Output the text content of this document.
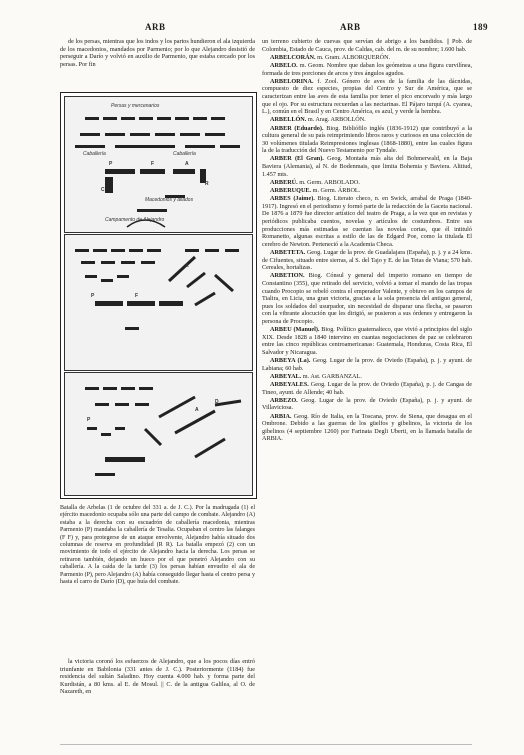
ARB	ARB	189

de los persas, mientras que los indos y los partos hundieron el ala izquierda de los macedonios, mandados por Parmenio; por lo que Alejandro desistió de perseguir a Darío y volvió en auxilio de Parmenio, que estaba cercado por los persas. Por fin

Persas y mercenarios
Caballería	Caballería
Macedonios y aliados
Campamento de Alejandro
P	F	A
R
C
P
A
F
P
A
D
Batalla de Arbelas (1 de octubre del 331 a. de J. C.). Por la madrugada (1) el ejército macedonio ocupaba sólo una parte del campo de combate. Alejandro (A) estaba a la derecha con su escuadrón de caballería macedonia, mientras Parmenio (P) mandaba la caballería de Tesalia. Ocupaban el centro las falanges (F F) y, para protegerse de un ataque envolvente, Alejandro había situado dos columnas de reserva en profundidad (R R). La batalla empezó (2) con un movimiento de todo el ejército de Alejandro hacia la derecha. Los persas se retiraron también, dejando un hueco por el que penetró Alejandro con su caballería. A la caída de la tarde (3) los persas habían envuelto el ala de Parmenio (P), pero Alejandro (A) había conseguido llegar hasta el centro persa y hasta el carro de Darío (D), que huía del combate.

la victoria coronó los esfuerzos de Alejandro, que a los pocos días entró triunfante en Babilonia (331 antes de J. C.). Posteriormente (1184) fue residencia del sultán Saladino. Hoy cuenta 4.000 hab. y forma parte del Kurdistán, a 80 kms. al E. de Mosul. || C. de la antigua Galilea, al O. de Nazareth, en

un terreno cubierto de cuevas que servían de abrigo a los bandidos. || Pob. de Colombia, Estado de Cauca, prov. de Caldas, cab. del m. de su nombre; 1.600 hab.

ARBELCORÁN. m. Gram. ALBORQUERÓN.

ARBELO. m. Geom. Nombre que daban los geómetras a una figura curvilínea, formada de tres porciones de arcos y tres ángulos agudos.

ARBELORINA. f. Zool. Género de aves de la familia de las dácnidas, compuesto de diez especies, propias del Centro y Sur de América, que se caracterizan entre las aves de esta familia por tener el pico encorvado y más largo que el ojo. Por su estructura recuerdan a las nectarinas. El Pájaro turquí (A. cyanea, L.), común en el Brasil y en Centro América, es azul, y verde la hembra.

ARBELLÓN. m. Arag. ARBOLLÓN.

ARBER (Eduardo). Biog. Bibliófilo inglés (1836-1912) que contribuyó a la cultura general de su país reimprimiendo libros raros y curiosos en una colección de 30 volúmenes titulada Reimpresiones inglesas (1868-1880), entre las cuales figura la de la traducción del Nuevo Testamento por Tyndale.

ARBER (El Gran). Geog. Montaña más alta del Bohmerwald, en la Baja Baviera (Alemania), al N. de Bodenmais, que limita Bohemia y Baviera. Altitud, 1.457 mts.

ARBERÚ. m. Germ. ARBOLADO.

ARBERUQUE. m. Germ. ÁRBOL.

ARBES (Jaime). Biog. Literato checo, n. en Swick, arrabal de Praga (1840-1917). Ingresó en el periodismo y formó parte de la redacción de la Gaceta nacional. De 1876 a 1879 fue director artístico del teatro de Praga, a la vez que en revistas y periódicos publicaba cuentos, novelas y artículos de costumbres. Entre sus producciones más estimadas se cuentan las novelas cortas, que él intituló Romanetto, algunas escritas a estilo de las de Edgard Poe, como la titulada El cerebro de Newton. Perteneció a la Academia Checa.

ARBETETA. Geog. Lugar de la prov. de Guadalajara (España), p. j. y a 24 kms. de Cifuentes, situado entre sierras, al S. del Tajo y E. de las Tetas de Viana; 570 hab. Cereales, hortalizas.

ARBETION. Biog. Cónsul y general del imperio romano en tiempo de Constantino (355), que retirado del servicio, volvió a tomar el mando de las tropas cuando Procopio se rebeló contra el emperador Valente, y obtuvo en los campos de Tialira, en Licia, una gran victoria, gracias a la sola presencia del antiguo general, pues los soldados del usurpador, sin necesidad de disparar una flecha, se pasaron con la vibrante alocución que les dirigió, se pusieron a sus órdenes y entregaron la persona de Procopio.

ARBEU (Manuel). Biog. Político guatemalteco, que vivió a principios del siglo XIX. Desde 1828 a 1840 intervino en cuantas negociaciones de paz se celebraron entre las cinco repúblicas centroamericanas: Guatemala, Honduras, Costa Rica, El Salvador y Nicaragua.

ARBEYA (La). Geog. Lugar de la prov. de Oviedo (España), p. j. y ayunt. de Labiana; 60 hab.

ARBEYAL. m. Ast. GARBANZAL.

ARBEYALES. Geog. Lugar de la prov. de Oviedo (España), p. j. de Cangas de Tineo, ayunt. de Allende; 40 hab.

ARBEZO. Geog. Lugar de la prov. de Oviedo (España), p. j. y ayunt. de Villaviciosa.

ARBIA. Geog. Río de Italia, en la Toscana, prov. de Siena, que desagua en el Ombrone. Debido a las guerras de los güelfos y gibelinos, la victoria de los gibelinos (4 septiembre 1260) por Farinata Degli Uberti, en la llamada batalla de ARBIA.
